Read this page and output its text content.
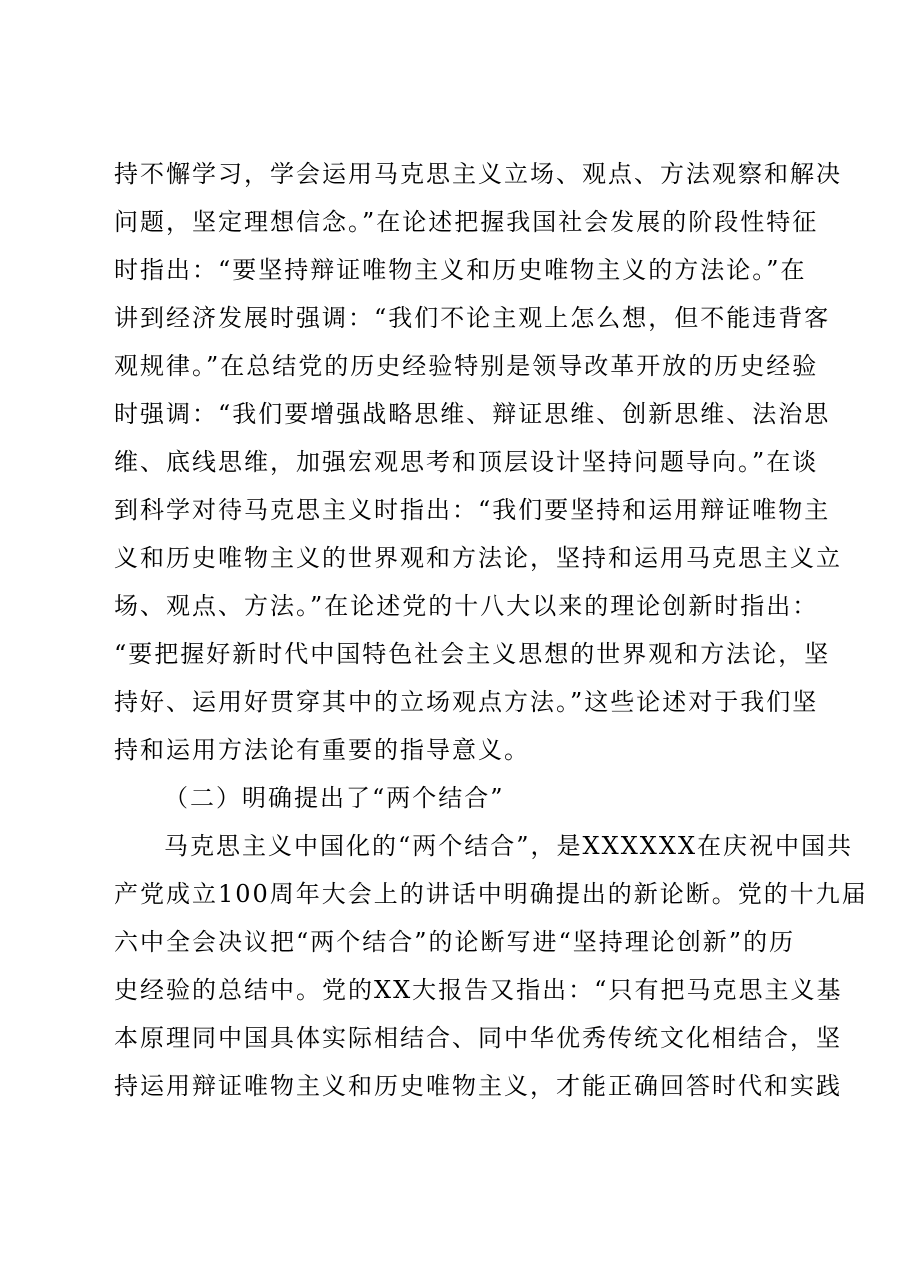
持不懈学习，学会运用马克思主义立场、观点、方法观察和解决
问题，坚定理想信念。”在论述把握我国社会发展的阶段性特征
时指出：“要坚持辩证唯物主义和历史唯物主义的方法论。”在
讲到经济发展时强调：“我们不论主观上怎么想，但不能违背客
观规律。”在总结党的历史经验特别是领导改革开放的历史经验
时强调：“我们要增强战略思维、辩证思维、创新思维、法治思
维、底线思维，加强宏观思考和顶层设计坚持问题导向。”在谈
到科学对待马克思主义时指出：“我们要坚持和运用辩证唯物主
义和历史唯物主义的世界观和方法论，坚持和运用马克思主义立
场、观点、方法。”在论述党的十八大以来的理论创新时指出：
“要把握好新时代中国特色社会主义思想的世界观和方法论，坚
持好、运用好贯穿其中的立场观点方法。”这些论述对于我们坚
持和运用方法论有重要的指导意义。
（二）明确提出了“两个结合”
马克思主义中国化的“两个结合”，是XXXXXX在庆祝中国共
产党成立100周年大会上的讲话中明确提出的新论断。党的十九届
六中全会决议把“两个结合”的论断写进“坚持理论创新”的历
史经验的总结中。党的XX大报告又指出：“只有把马克思主义基
本原理同中国具体实际相结合、同中华优秀传统文化相结合，坚
持运用辩证唯物主义和历史唯物主义，才能正确回答时代和实践
